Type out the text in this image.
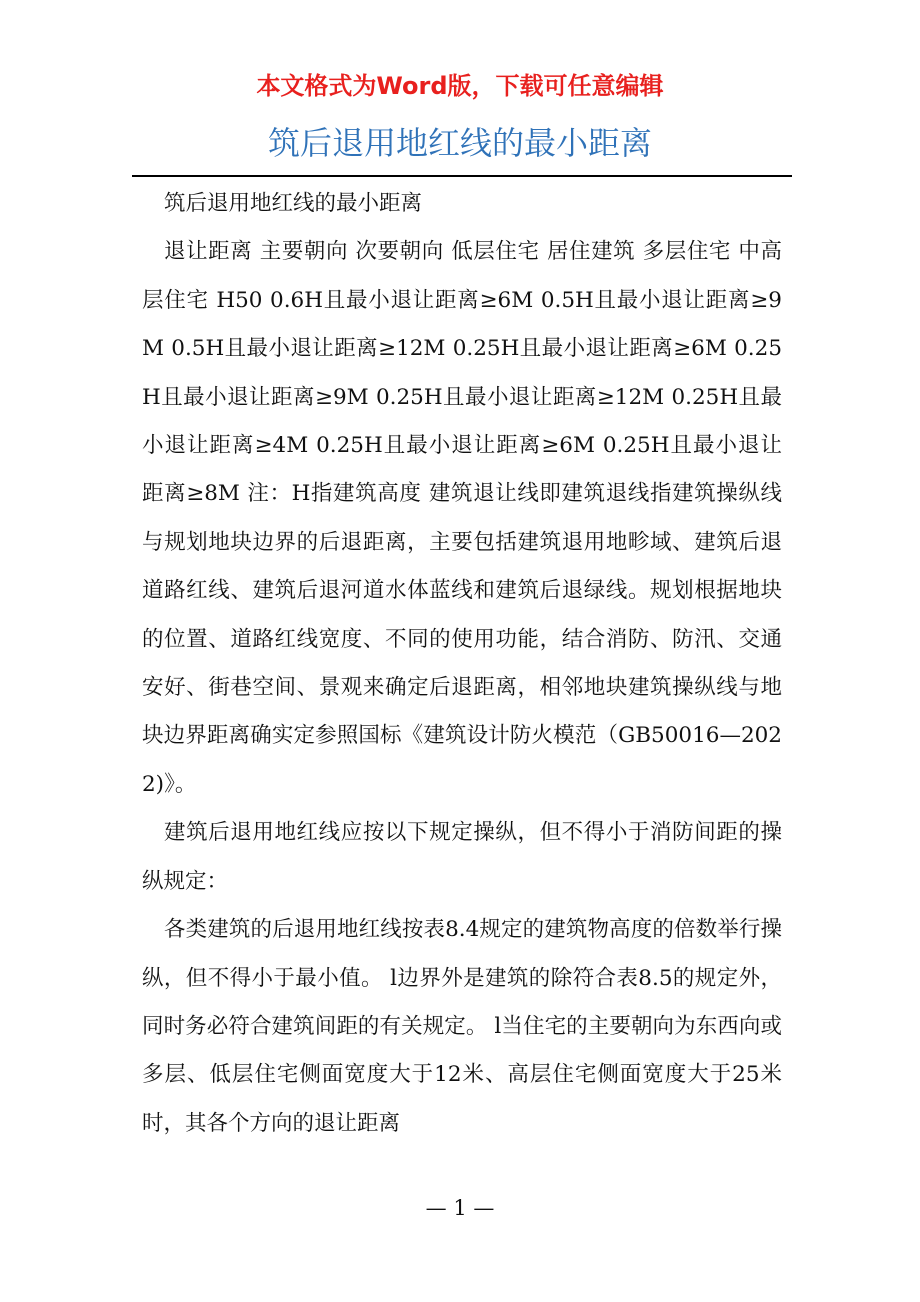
本文格式为Word版，下载可任意编辑
筑后退用地红线的最小距离

筑后退用地红线的最小距离

退让距离 主要朝向 次要朝向 低层住宅 居住建筑 多层住宅 中高层住宅 H50 0.6H且最小退让距离≥6M 0.5H且最小退让距离≥9M 0.5H且最小退让距离≥12M 0.25H且最小退让距离≥6M 0.25H且最小退让距离≥9M 0.25H且最小退让距离≥12M 0.25H且最小退让距离≥4M 0.25H且最小退让距离≥6M 0.25H且最小退让距离≥8M 注：H指建筑高度 建筑退让线即建筑退线指建筑操纵线与规划地块边界的后退距离，主要包括建筑退用地畛域、建筑后退道路红线、建筑后退河道水体蓝线和建筑后退绿线。规划根据地块的位置、道路红线宽度、不同的使用功能，结合消防、防汛、交通安好、街巷空间、景观来确定后退距离，相邻地块建筑操纵线与地块边界距离确实定参照国标《建筑设计防火模范（GB50016—2022)》。

建筑后退用地红线应按以下规定操纵，但不得小于消防间距的操纵规定：

各类建筑的后退用地红线按表8.4规定的建筑物高度的倍数举行操纵，但不得小于最小值。 l边界外是建筑的除符合表8.5的规定外，同时务必符合建筑间距的有关规定。 l当住宅的主要朝向为东西向或多层、低层住宅侧面宽度大于12米、高层住宅侧面宽度大于25米时，其各个方向的退让距离

— 1 —
